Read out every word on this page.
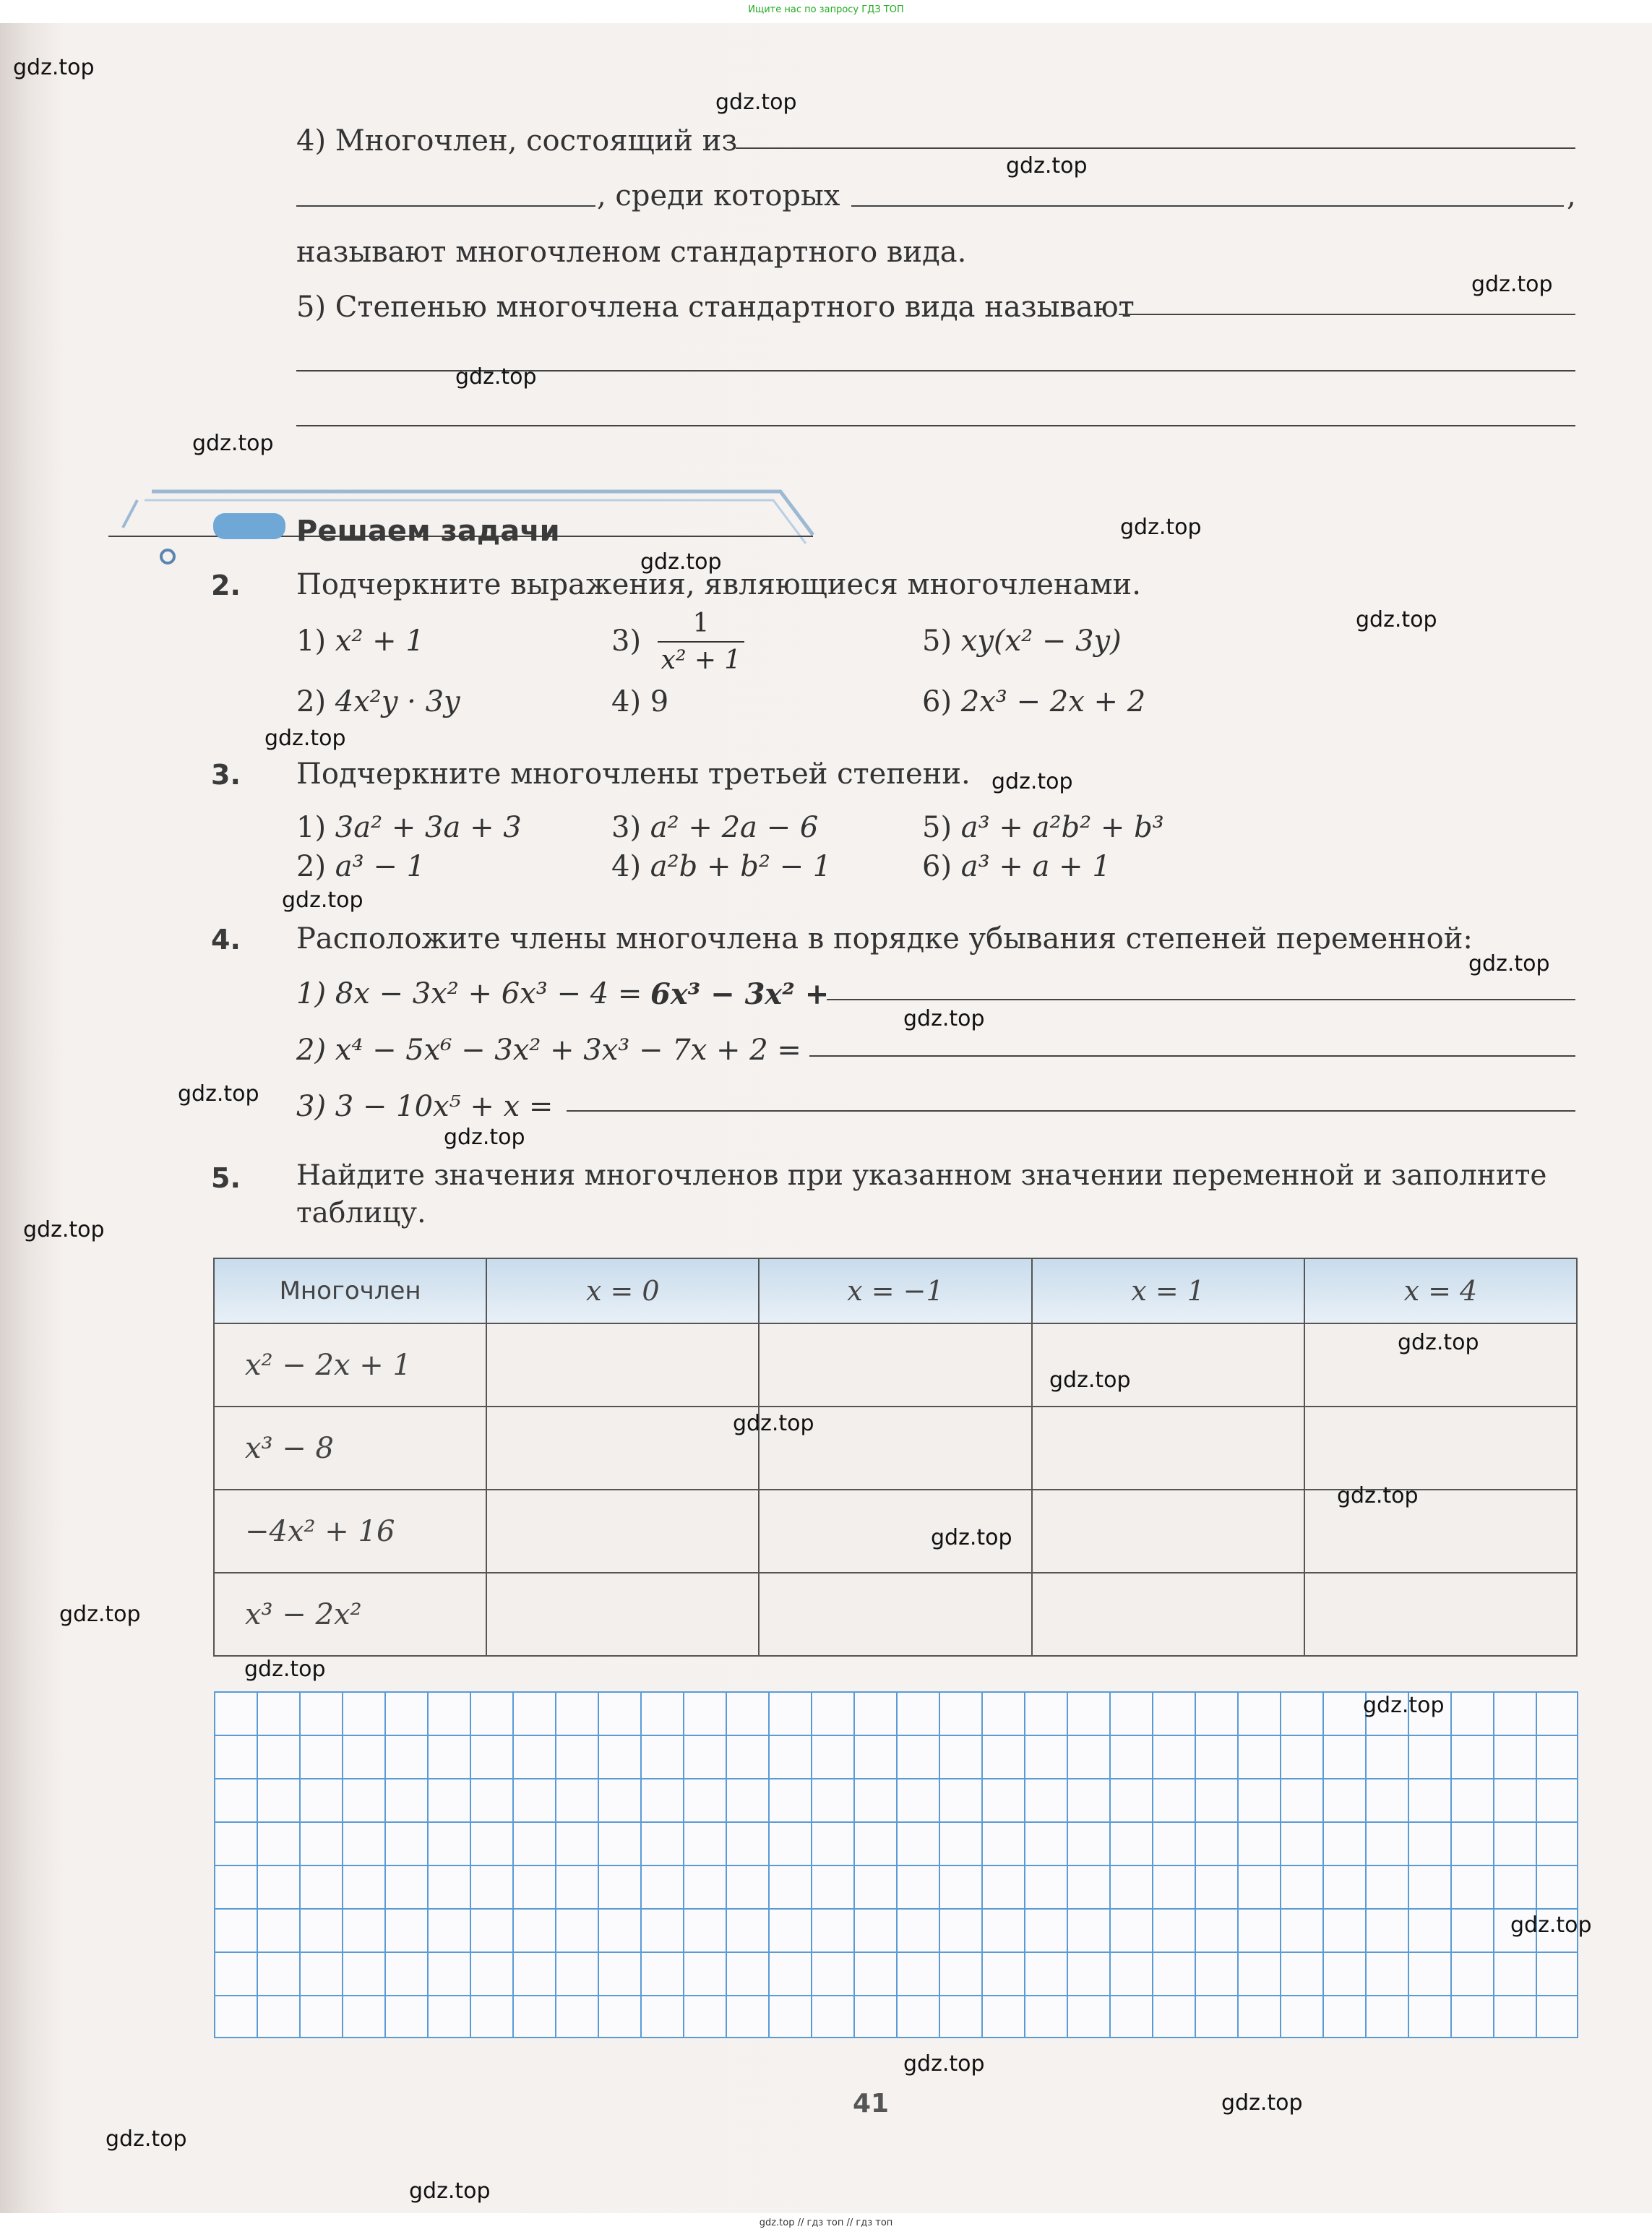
Ищите нас по запросу ГДЗ ТОП
4) Многочлен, состоящий из
, среди которых	,
называют многочленом стандартного вида.
5) Степенью многочлена стандартного вида называют
Решаем задачи
2. Подчеркните выражения, являющиеся многочленами.
1) x² + 1
2) 4x²y · 3y
3)
1
x² + 1
4) 9
5) xy(x² − 3y)
6) 2x³ − 2x + 2
3. Подчеркните многочлены третьей степени.
1) 3a² + 3a + 3
2) a³ − 1
3) a² + 2a − 6
4) a²b + b² − 1
5) a³ + a²b² + b³
6) a³ + a + 1
4. Расположите члены многочлена в порядке убывания степеней переменной:
1) 8x − 3x² + 6x³ − 4 = 6x³ − 3x² +
2) x⁴ − 5x⁶ − 3x² + 3x³ − 7x + 2 =
3) 3 − 10x⁵ + x =
5. Найдите значения многочленов при указанном значении переменной и заполните
таблицу.
Многочлен	x = 0	x = −1	x = 1	x = 4
x² − 2x + 1				
x³ − 8				
−4x² + 16				
x³ − 2x²				
41
gdz.top
gdz.top
gdz.top
gdz.top
gdz.top
gdz.top
gdz.top
gdz.top
gdz.top
gdz.top
gdz.top
gdz.top
gdz.top
gdz.top
gdz.top
gdz.top
gdz.top
gdz.top
gdz.top
gdz.top
gdz.top
gdz.top
gdz.top
gdz.top
gdz.top
gdz.top
gdz.top
gdz.top
gdz.top
gdz.top
gdz.top // гдз топ // гдз топ
